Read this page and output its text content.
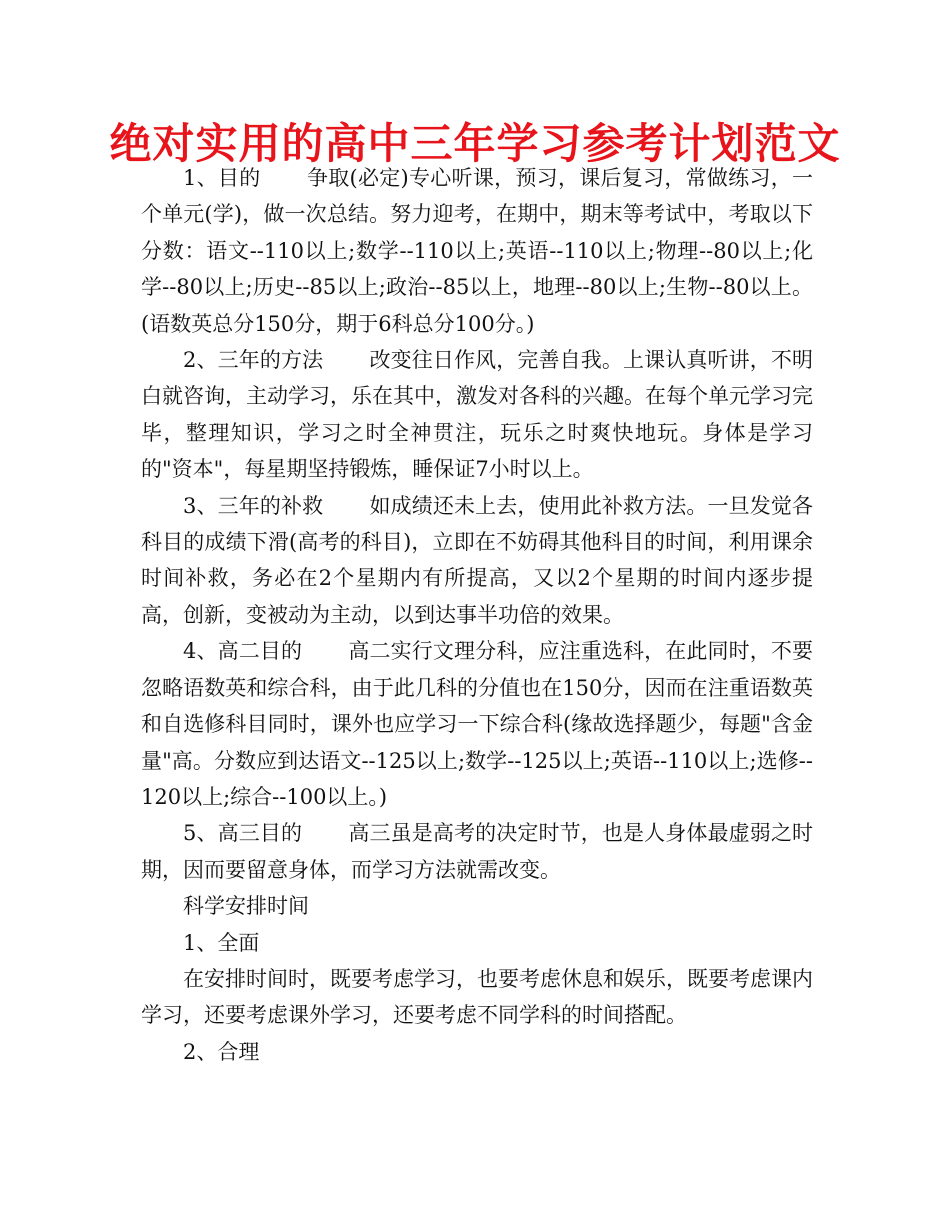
绝对实用的高中三年学习参考计划范文

1、目的 争取(必定)专心听课，预习，课后复习，常做练习，一个单元(学)，做一次总结。努力迎考，在期中，期末等考试中，考取以下分数：语文--110以上;数学--110以上;英语--110以上;物理--80以上;化学--80以上;历史--85以上;政治--85以上，地理--80以上;生物--80以上。(语数英总分150分，期于6科总分100分。)

2、三年的方法 改变往日作风，完善自我。上课认真听讲，不明白就咨询，主动学习，乐在其中，激发对各科的兴趣。在每个单元学习完毕，整理知识，学习之时全神贯注，玩乐之时爽快地玩。身体是学习的"资本"，每星期坚持锻炼，睡保证7小时以上。

3、三年的补救 如成绩还未上去，使用此补救方法。一旦发觉各科目的成绩下滑(高考的科目)，立即在不妨碍其他科目的时间，利用课余时间补救，务必在2个星期内有所提高，又以2个星期的时间内逐步提高，创新，变被动为主动，以到达事半功倍的效果。

4、高二目的 高二实行文理分科，应注重选科，在此同时，不要忽略语数英和综合科，由于此几科的分值也在150分，因而在注重语数英和自选修科目同时，课外也应学习一下综合科(缘故选择题少，每题"含金量"高。分数应到达语文--125以上;数学--125以上;英语--110以上;选修--120以上;综合--100以上。)

5、高三目的 高三虽是高考的决定时节，也是人身体最虚弱之时期，因而要留意身体，而学习方法就需改变。

科学安排时间

1、全面

在安排时间时，既要考虑学习，也要考虑休息和娱乐，既要考虑课内学习，还要考虑课外学习，还要考虑不同学科的时间搭配。

2、合理
